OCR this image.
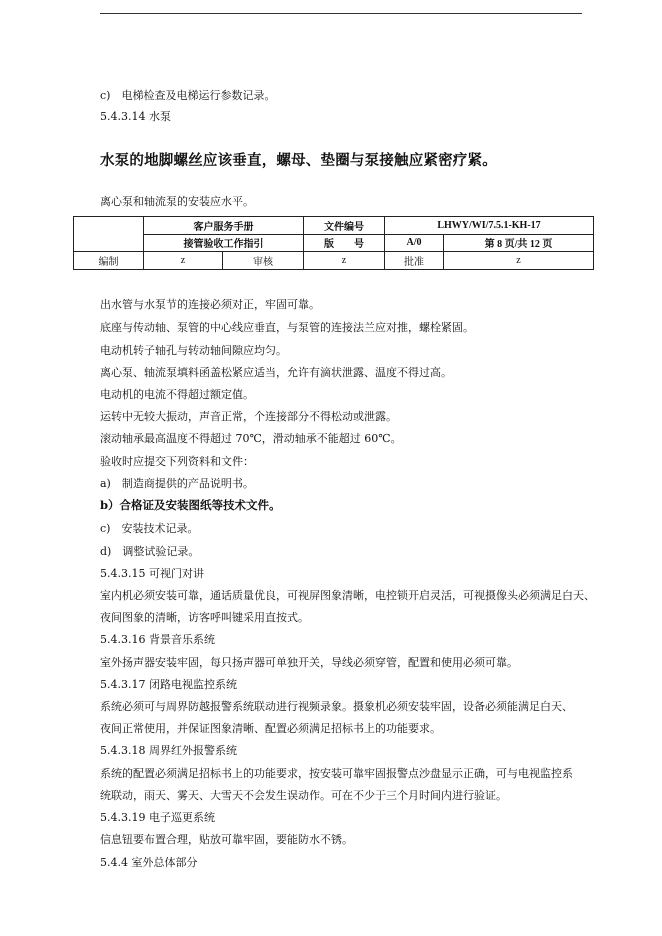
c)　电梯检查及电梯运行参数记录。
5.4.3.14 水泵
水泵的地脚螺丝应该垂直，螺母、垫圈与泵接触应紧密疗紧。
离心泵和轴流泵的安装应水平。
	客户服务手册		文件编号	LHWY/WI/7.5.1-KH-17	
	接管验收工作指引		版　　号	A/0	第 8 页/共 12 页
编制	z	审核	z	批准	z
出水管与水泵节的连接必须对正，牢固可靠。
底座与传动轴、泵管的中心线应垂直，与泵管的连接法兰应对推，螺栓紧固。
电动机转子轴孔与转动轴间隙应均匀。
离心泵、轴流泵填料函盖松紧应适当，允许有滴状泄露、温度不得过高。
电动机的电流不得超过额定值。
运转中无较大振动，声音正常，个连接部分不得松动或泄露。
滚动轴承最高温度不得超过 70℃，滑动轴承不能超过 60℃。
验收时应提交下列资料和文件：
a)　制造商提供的产品说明书。
b）合格证及安装图纸等技术文件。
c)　安装技术记录。
d)　调整试验记录。
5.4.3.15 可视门对讲
室内机必须安装可靠，通话质量优良，可视屏图象清晰，电控锁开启灵活，可视摄像头必须满足白天、
夜间图象的清晰，访客呼叫键采用直按式。
5.4.3.16 背景音乐系统
室外扬声器安装牢固，每只扬声器可单独开关，导线必须穿管，配置和使用必须可靠。
5.4.3.17 闭路电视监控系统
系统必须可与周界防越报警系统联动进行视频录象。摄象机必须安装牢固，设备必须能满足白天、
夜间正常使用，并保证图象清晰、配置必须满足招标书上的功能要求。
5.4.3.18 周界红外报警系统
系统的配置必须满足招标书上的功能要求，按安装可靠牢固报警点沙盘显示正确，可与电视监控系
统联动，雨天、雾天、大雪天不会发生误动作。可在不少于三个月时间内进行验证。
5.4.3.19 电子巡更系统
信息钮要布置合理，贴放可靠牢固，要能防水不锈。
5.4.4 室外总体部分
